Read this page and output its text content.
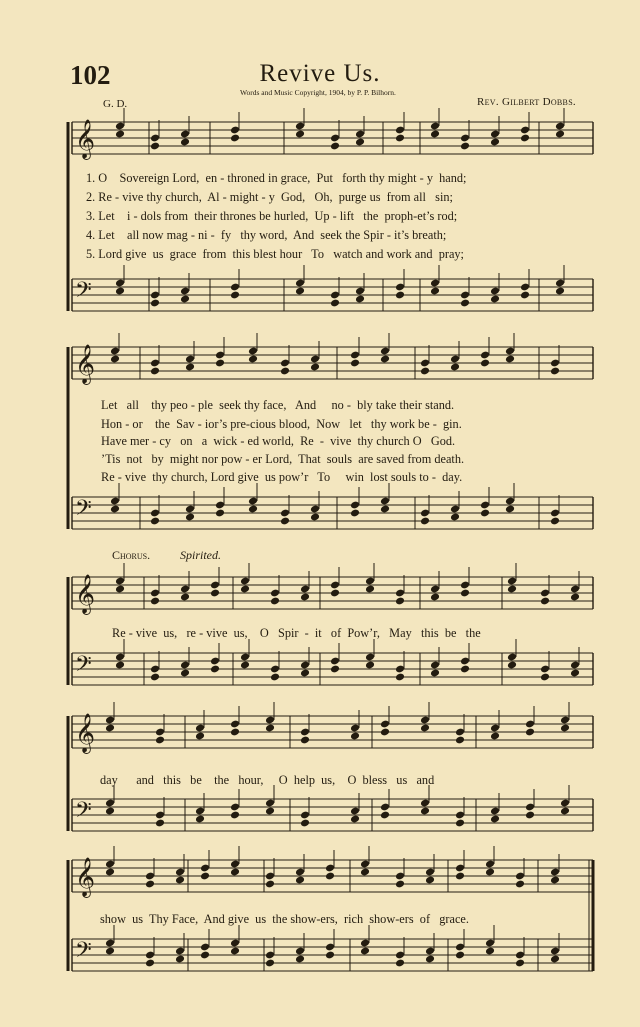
102	Revive Us.
Words and Music Copyright, 1904, by P. P. Bilhorn.
Rev. Gilbert Dobbs.
G. D.
Chorus. Spirited.
1. O    Sovereign Lord,  en - throned in grace,  Put   forth thy might - y  hand;
2. Re - vive thy church,  Al - might - y  God,   Oh,  purge us  from all   sin;
3. Let    i - dols from  their thrones be hurled,  Up - lift   the  proph-et’s rod;
4. Let    all now mag - ni -  fy   thy word,  And  seek the Spir - it’s breath;
5. Lord give  us  grace  from  this blest hour   To   watch and work and  pray;
Let   all    thy peo - ple  seek thy face,   And     no -  bly take their stand.
Hon - or    the  Sav - ior’s pre-cious blood,  Now   let   thy work be -  gin.
Have mer - cy   on   a  wick - ed world,  Re  -  vive  thy church O   God.
’Tis  not   by  might nor pow - er Lord,  That  souls  are saved from death.
Re - vive  thy church, Lord give  us pow’r   To     win  lost souls to -  day.
Re - vive  us,   re - vive  us,    O   Spir  -  it   of  Pow’r,   May   this  be   the
day      and   this   be    the   hour,     O  help  us,    O  bless   us   and
show  us  Thy Face,  And give  us  the show-ers,  rich  show-ers  of   grace.
𝄞
𝄢
𝄞
𝄢
𝄞
𝄢
𝄞
𝄢
𝄞
𝄢
